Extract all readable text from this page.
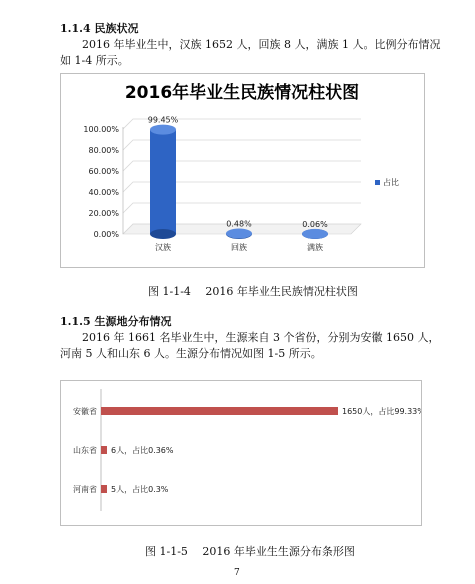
1.1.4 民族状况
2016 年毕业生中，汉族 1652 人，回族 8 人，满族 1 人。比例分布情况
如 1-4 所示。
2016年毕业生民族情况柱状图
0.00%
20.00%
40.00%
60.00%
80.00%
100.00%
汉族	回族	满族
99.45%
0.48%	0.06%
占比
图 1-1-4　 2016 年毕业生民族情况柱状图
1.1.5 生源地分布情况
2016 年 1661 名毕业生中，生源来自 3 个省份，分别为安徽 1650 人，
河南 5 人和山东 6 人。生源分布情况如图 1-5 所示。
安徽省
山东省
河南省
1650人，占比99.33%
6人，占比0.36%
5人，占比0.3%
图 1-1-5　 2016 年毕业生生源分布条形图
7
